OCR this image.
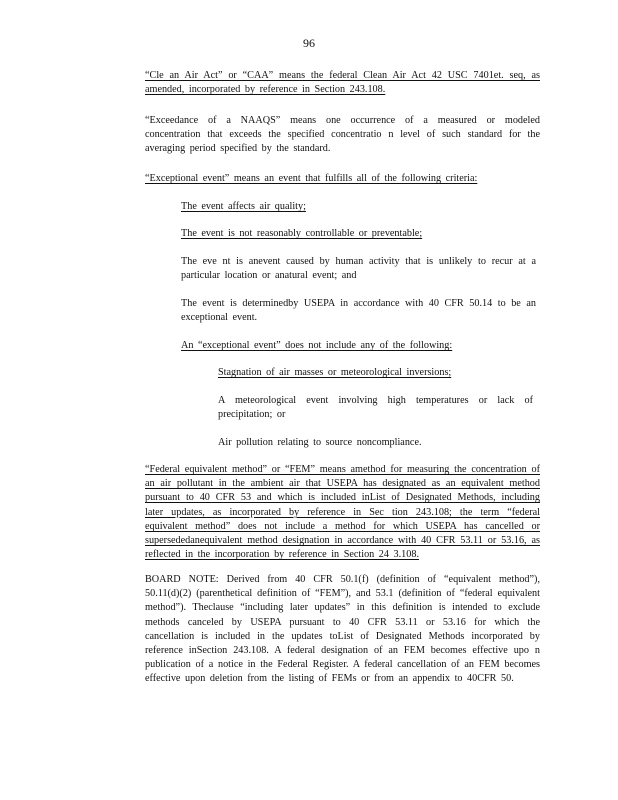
96

“Cle an Air Act” or “CAA” means the federal Clean Air Act 42 USC 7401et. seq, as amended, incorporated by reference in Section 243.108.

“Exceedance of a NAAQS” means one occurrence of a measured or modeled concentration that exceeds the specified concentratio n level of such standard for the averaging period specified by the standard.

“Exceptional event” means an event that fulfills all of the following criteria:

The event affects air quality;

The event is not reasonably controllable or preventable;

The eve nt is anevent caused by human activity that is unlikely to recur at a particular location or anatural event; and

The event is determinedby USEPA in accordance with 40 CFR 50.14 to be an exceptional event.

An “exceptional event” does not include any of the following:

Stagnation of air masses or meteorological inversions;

A meteorological event involving high temperatures or lack of precipitation; or

Air pollution relating to source noncompliance.

“Federal equivalent method” or “FEM” means amethod for measuring the concentration of an air pollutant in the ambient air that USEPA has designated as an equivalent method pursuant to 40 CFR 53 and which is included inList of Designated Methods, including later updates, as incorporated by reference in Sec tion 243.108; the term “federal equivalent method” does not include a method for which USEPA has cancelled or supersededanequivalent method designation in accordance with 40 CFR 53.11 or 53.16, as reflected in the incorporation by reference in Section 24 3.108.

BOARD NOTE: Derived from 40 CFR 50.1(f) (definition of “equivalent method”), 50.11(d)(2) (parenthetical definition of “FEM”), and 53.1 (definition of “federal equivalent method”). Theclause “including later updates” in this definition is intended to exclude methods canceled by USEPA pursuant to 40 CFR 53.11 or 53.16 for which the cancellation is included in the updates toList of Designated Methods incorporated by reference inSection 243.108. A federal designation of an FEM becomes effective upo n publication of a notice in the Federal Register. A federal cancellation of an FEM becomes effective upon deletion from the listing of FEMs or from an appendix to 40CFR 50.
